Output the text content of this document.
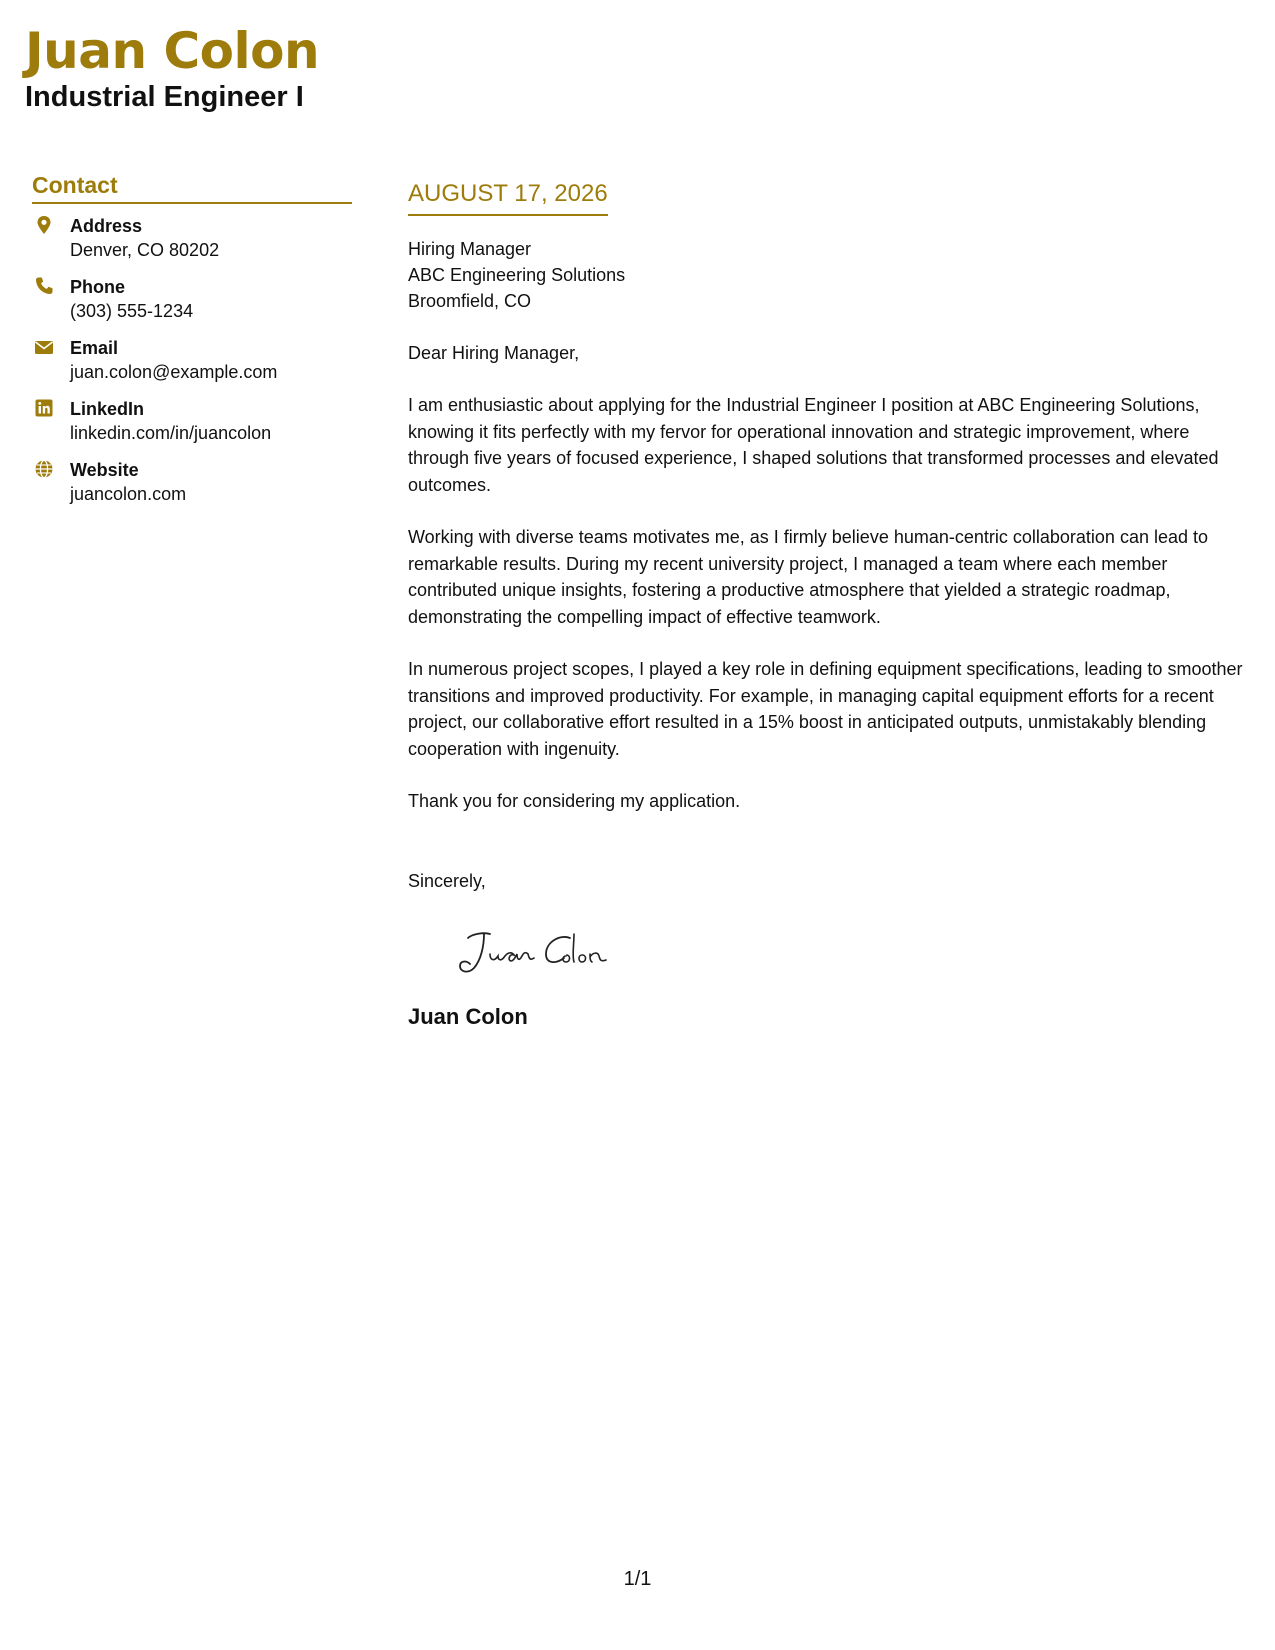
Juan Colon
Industrial Engineer I
Contact
Address
Denver, CO 80202
Phone
(303) 555-1234
Email
juan.colon@example.com
LinkedIn
linkedin.com/in/juancolon
Website
juancolon.com
AUGUST 17, 2026
Hiring Manager
ABC Engineering Solutions
Broomfield, CO
Dear Hiring Manager,

I am enthusiastic about applying for the Industrial Engineer I position at ABC Engineering Solutions, knowing it fits perfectly with my fervor for operational innovation and strategic improvement, where through five years of focused experience, I shaped solutions that transformed processes and elevated outcomes.

Working with diverse teams motivates me, as I firmly believe human-centric collaboration can lead to remarkable results. During my recent university project, I managed a team where each member contributed unique insights, fostering a productive atmosphere that yielded a strategic roadmap, demonstrating the compelling impact of effective teamwork.

In numerous project scopes, I played a key role in defining equipment specifications, leading to smoother transitions and improved productivity. For example, in managing capital equipment efforts for a recent project, our collaborative effort resulted in a 15% boost in anticipated outputs, unmistakably blending cooperation with ingenuity.

Thank you for considering my application.

Sincerely,
Juan Colon
1/1
